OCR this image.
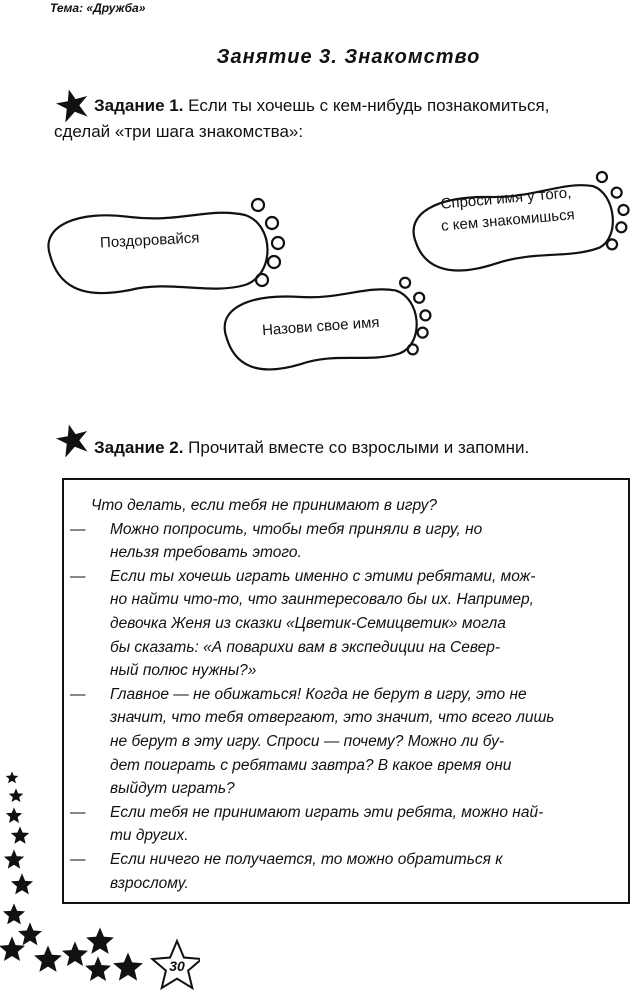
Тема: «Дружба»
Занятие 3. Знакомство
Задание 1. Если ты хочешь с кем-нибудь познакомиться,
сделай «три шага знакомства»:
Поздоровайся
Назови свое имя
Спроси имя у того,
с кем знакомишься
Задание 2. Прочитай вместе со взрослыми и запомни.
Что делать, если тебя не принимают в игру?
— Можно попросить, чтобы тебя приняли в игру, но
нельзя требовать этого.
— Если ты хочешь играть именно с этими ребятами, мож-
но найти что-то, что заинтересовало бы их. Например,
девочка Женя из сказки «Цветик-Семицветик» могла
бы сказать: «А поварихи вам в экспедиции на Север-
ный полюс нужны?»
— Главное — не обижаться! Когда не берут в игру, это не
значит, что тебя отвергают, это значит, что всего лишь
не берут в эту игру. Спроси — почему? Можно ли бу-
дет поиграть с ребятами завтра? В какое время они
выйдут играть?
— Если тебя не принимают играть эти ребята, можно най-
ти других.
— Если ничего не получается, то можно обратиться к
взрослому.
30
